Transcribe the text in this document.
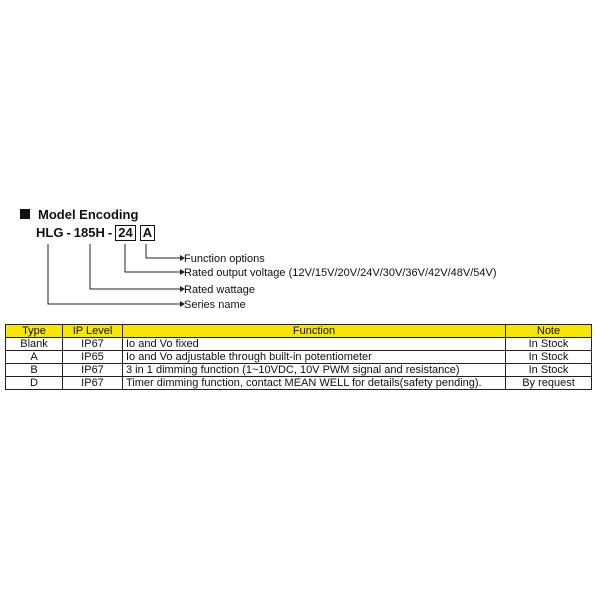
Model Encoding
HLG - 185H - 24 A
Function options
Rated output voltage (12V/15V/20V/24V/30V/36V/42V/48V/54V)
Rated wattage
Series name
Type	IP Level	Function	Note
Blank	IP67	Io and Vo fixed	In Stock
A	IP65	Io and Vo adjustable through built-in potentiometer	In Stock
B	IP67	3 in 1 dimming function (1~10VDC, 10V PWM signal and resistance)	In Stock
D	IP67	Timer dimming function, contact MEAN WELL for details(safety pending).	By request
